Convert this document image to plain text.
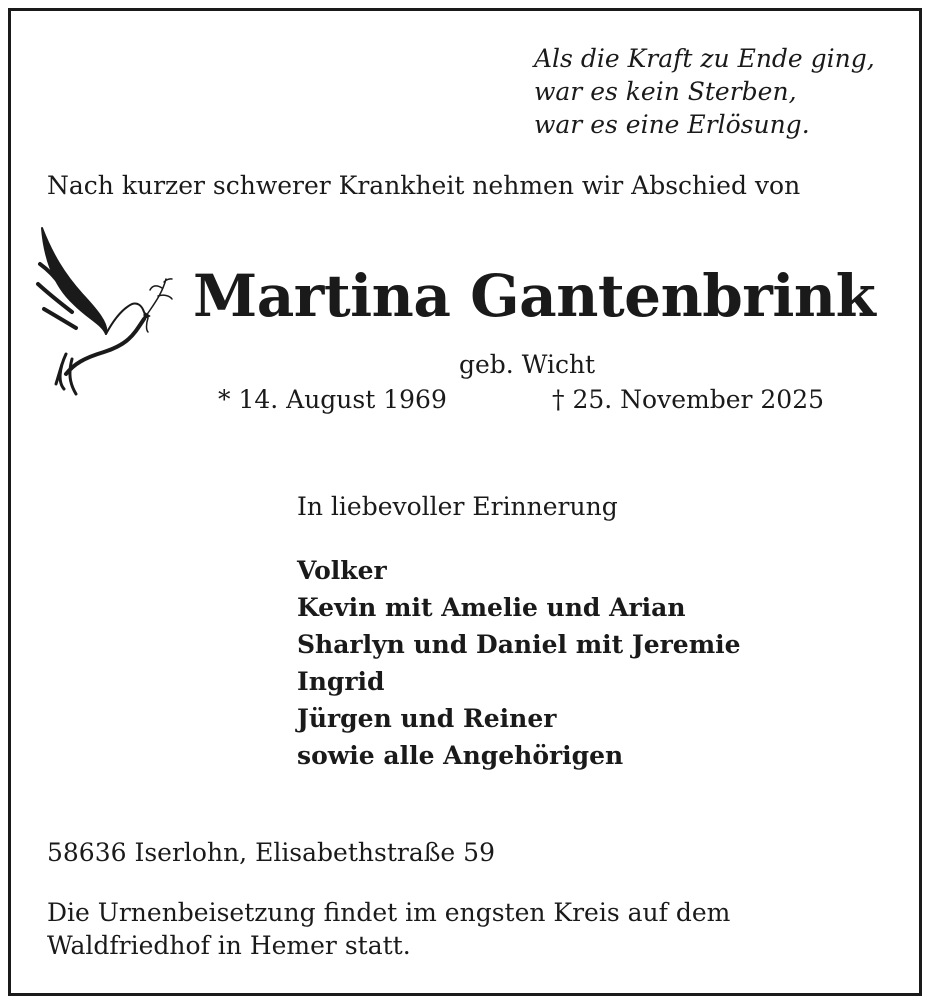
Als die Kraft zu Ende ging,
war es kein Sterben,
war es eine Erlösung.
Nach kurzer schwerer Krankheit nehmen wir Abschied von
Martina Gantenbrink
geb. Wicht
* 14. August 1969	† 25. November 2025
In liebevoller Erinnerung
Volker
Kevin mit Amelie und Arian
Sharlyn und Daniel mit Jeremie
Ingrid
Jürgen und Reiner
sowie alle Angehörigen
58636 Iserlohn, Elisabethstraße 59
Die Urnenbeisetzung findet im engsten Kreis auf dem
Waldfriedhof in Hemer statt.
